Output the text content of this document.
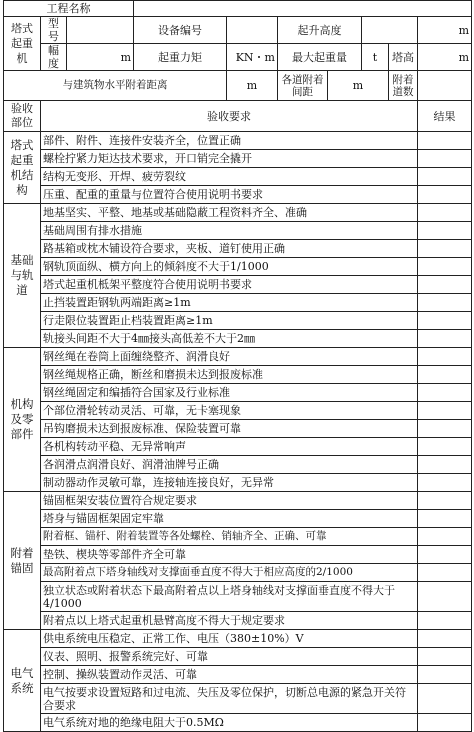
工程名称									
塔式起重机	型号		设备编号		起升高度				m
	幅度	m	起重力矩	KN・m	最大起重量		t	塔高	m
与建筑物水平附着距离				m	各道附着间距	m		附着道数	
验收部位	验收要求								结果
塔式起重机结构	部件、附件、连接件安装齐全，位置正确								
	螺栓拧紧力矩达技术要求，开口销完全撬开								
	结构无变形、开焊、疲劳裂纹								
	压重、配重的重量与位置符合使用说明书要求								
基础与轨道	地基坚实、平整、地基或基础隐蔽工程资料齐全、准确								
	基础周围有排水措施								
	路基箱或枕木铺设符合要求，夹板、道钉使用正确								
	钢轨顶面纵、横方向上的倾斜度不大于1/1000								
	塔式起重机柢架平整度符合使用说明书要求								
	止挡装置距钢轨两端距离≥1m								
	行走限位装置距止档装置距离≥1m								
	轨接头间距不大于4㎜接头高低差不大于2㎜								
机构及零部件	钢丝绳在卷筒上面缠绕整齐、润滑良好								
	钢丝绳规格正确，断丝和磨损未达到报废标准								
	钢丝绳固定和编插符合国家及行业标准								
	个部位滑轮转动灵活、可靠，无卡塞现象								
	吊钩磨损未达到报废标准、保险装置可靠								
	各机构转动平稳、无异常响声								
	各润滑点润滑良好、润滑油牌号正确								
	制动器动作灵敏可靠，连接轴连接良好，无异常								
附着锚固	锚固框架安装位置符合规定要求								
	塔身与锚固框架固定牢靠								
	附着框、锚杆、附着装置等各处螺栓、销轴齐全、正确、可靠								
	垫铁、楔块等零部件齐全可靠								
	最高附着点下塔身轴线对支撑面垂直度不得大于相应高度的2/1000								
	独立状态或附着状态下最高附着点以上塔身轴线对支撑面垂直度不得大于4/1000								
	附着点以上塔式起重机悬臂高度不得大于规定要求								
电气系统	供电系统电压稳定、正常工作、电压（380±10%）V								
	仪表、照明、报警系统完好、可靠								
	控制、操纵装置动作灵活、可靠								
	电气按要求设置短路和过电流、失压及零位保护，切断总电源的紧急开关符合要求								
	电气系统对地的绝缘电阻大于0.5MΩ								
